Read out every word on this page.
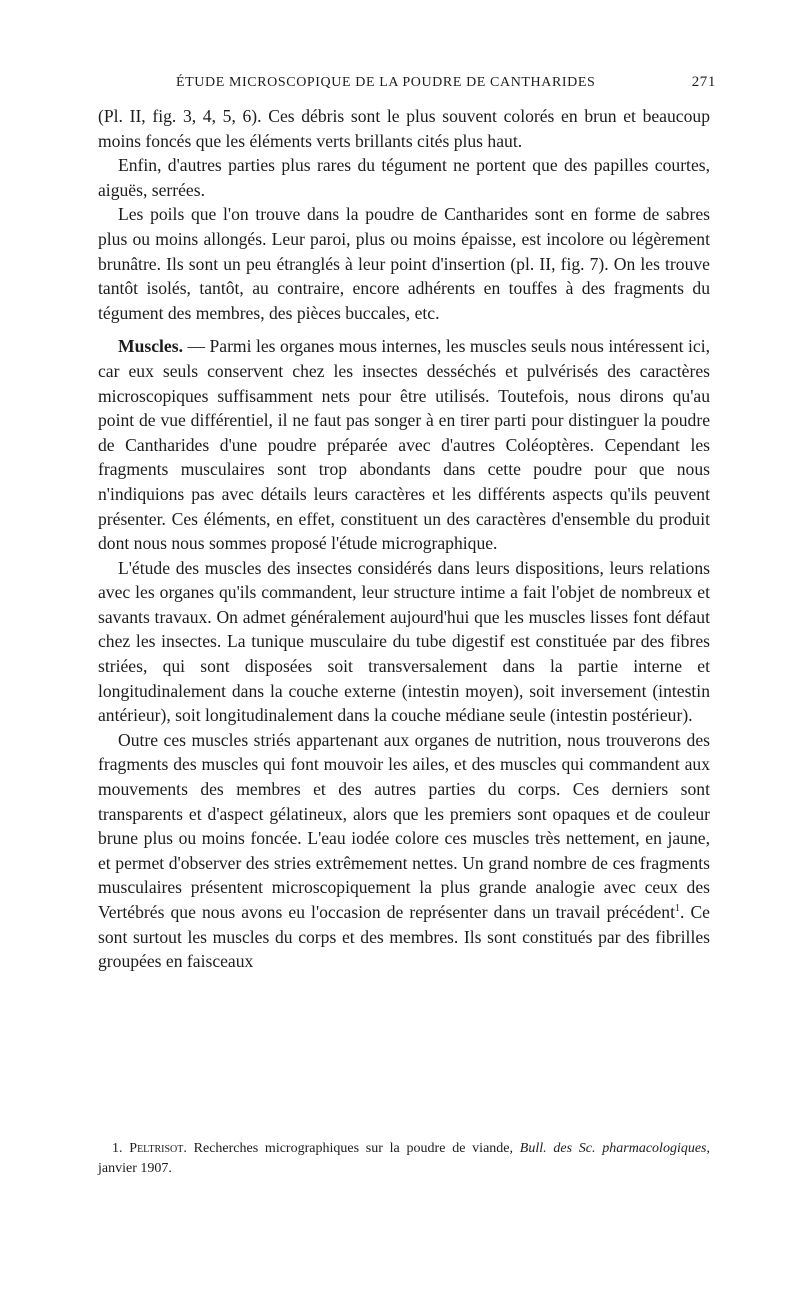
ÉTUDE MICROSCOPIQUE DE LA POUDRE DE CANTHARIDES	271

(Pl. II, fig. 3, 4, 5, 6). Ces débris sont le plus souvent colorés en brun et beaucoup moins foncés que les éléments verts brillants cités plus haut.

Enfin, d'autres parties plus rares du tégument ne portent que des papilles courtes, aiguës, serrées.

Les poils que l'on trouve dans la poudre de Cantharides sont en forme de sabres plus ou moins allongés. Leur paroi, plus ou moins épaisse, est incolore ou légèrement brunâtre. Ils sont un peu étranglés à leur point d'insertion (pl. II, fig. 7). On les trouve tantôt isolés, tantôt, au contraire, encore adhérents en touffes à des fragments du tégument des membres, des pièces buccales, etc.

Muscles. — Parmi les organes mous internes, les muscles seuls nous intéressent ici, car eux seuls conservent chez les insectes desséchés et pulvérisés des caractères microscopiques suffisamment nets pour être utilisés. Toutefois, nous dirons qu'au point de vue différentiel, il ne faut pas songer à en tirer parti pour distinguer la poudre de Cantharides d'une poudre préparée avec d'autres Coléoptères. Cependant les fragments musculaires sont trop abondants dans cette poudre pour que nous n'indiquions pas avec détails leurs caractères et les différents aspects qu'ils peuvent présenter. Ces éléments, en effet, constituent un des caractères d'ensemble du produit dont nous nous sommes proposé l'étude micrographique.

L'étude des muscles des insectes considérés dans leurs dispositions, leurs relations avec les organes qu'ils commandent, leur structure intime a fait l'objet de nombreux et savants travaux. On admet généralement aujourd'hui que les muscles lisses font défaut chez les insectes. La tunique musculaire du tube digestif est constituée par des fibres striées, qui sont disposées soit transversalement dans la partie interne et longitudinalement dans la couche externe (intestin moyen), soit inversement (intestin antérieur), soit longitudinalement dans la couche médiane seule (intestin postérieur).

Outre ces muscles striés appartenant aux organes de nutrition, nous trouverons des fragments des muscles qui font mouvoir les ailes, et des muscles qui commandent aux mouvements des membres et des autres parties du corps. Ces derniers sont transparents et d'aspect gélatineux, alors que les premiers sont opaques et de couleur brune plus ou moins foncée. L'eau iodée colore ces muscles très nettement, en jaune, et permet d'observer des stries extrêmement nettes. Un grand nombre de ces fragments musculaires présentent microscopiquement la plus grande analogie avec ceux des Vertébrés que nous avons eu l'occasion de représenter dans un travail précédent$^1$. Ce sont surtout les muscles du corps et des membres. Ils sont constitués par des fibrilles groupées en faisceaux

1. Peltrisot. Recherches micrographiques sur la poudre de viande, Bull. des Sc. pharmacologiques, janvier 1907.
